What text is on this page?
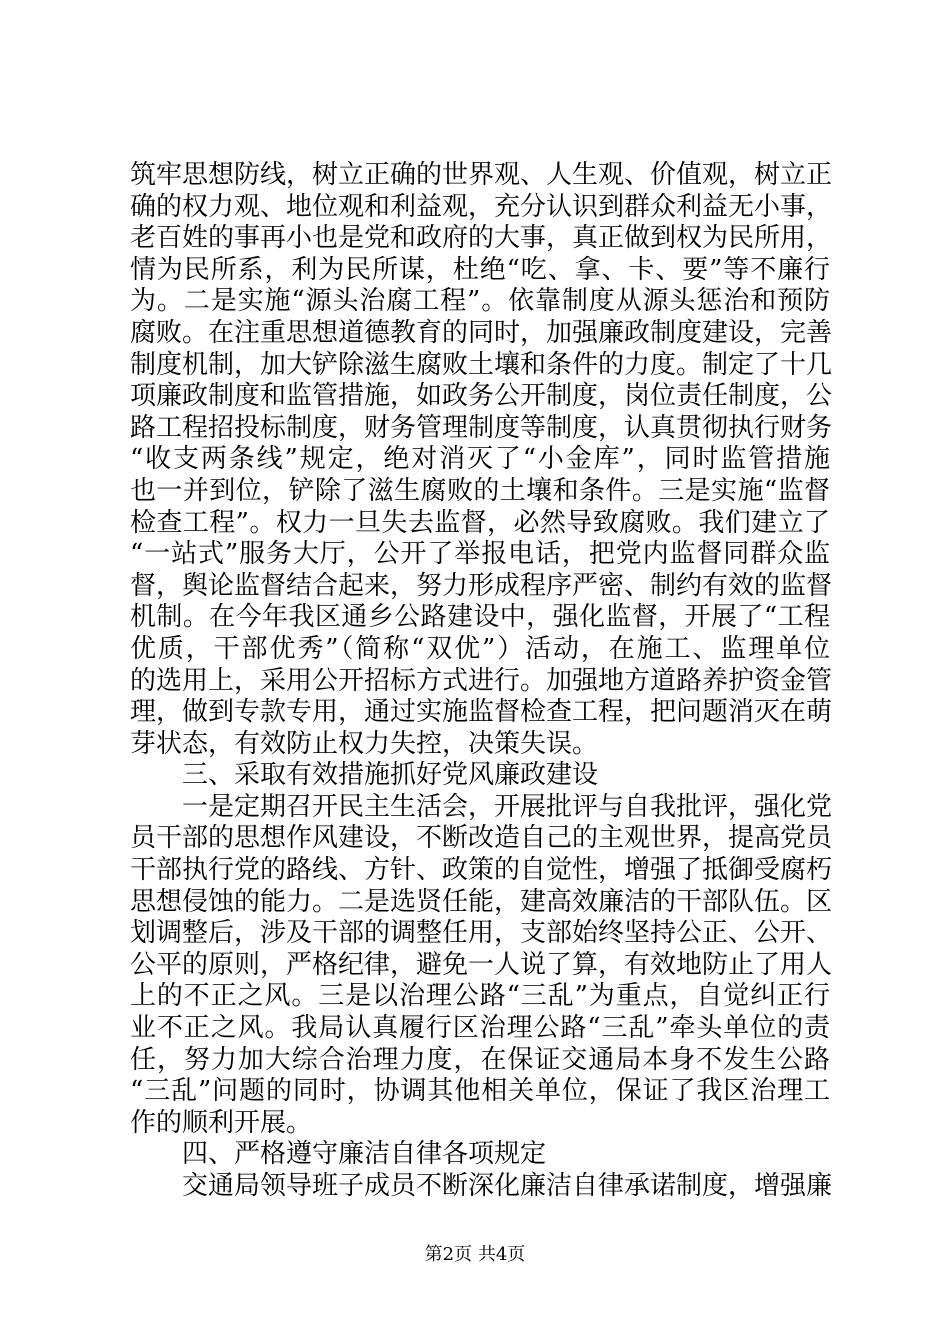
筑牢思想防线，树立正确的世界观、人生观、价值观，树立正
确的权力观、地位观和利益观，充分认识到群众利益无小事，
老百姓的事再小也是党和政府的大事，真正做到权为民所用，
情为民所系，利为民所谋，杜绝“吃、拿、卡、要”等不廉行
为。二是实施“源头治腐工程”。依靠制度从源头惩治和预防
腐败。在注重思想道德教育的同时，加强廉政制度建设，完善
制度机制，加大铲除滋生腐败土壤和条件的力度。制定了十几
项廉政制度和监管措施，如政务公开制度，岗位责任制度，公
路工程招投标制度，财务管理制度等制度，认真贯彻执行财务
“收支两条线”规定，绝对消灭了“小金库”，同时监管措施
也一并到位，铲除了滋生腐败的土壤和条件。三是实施“监督
检查工程”。权力一旦失去监督，必然导致腐败。我们建立了
“一站式”服务大厅，公开了举报电话，把党内监督同群众监
督，舆论监督结合起来，努力形成程序严密、制约有效的监督
机制。在今年我区通乡公路建设中，强化监督，开展了“工程
优质，干部优秀”（简称“双优”）活动，在施工、监理单位
的选用上，采用公开招标方式进行。加强地方道路养护资金管
理，做到专款专用，通过实施监督检查工程，把问题消灭在萌
芽状态，有效防止权力失控，决策失误。
三、采取有效措施抓好党风廉政建设
一是定期召开民主生活会，开展批评与自我批评，强化党
员干部的思想作风建设，不断改造自己的主观世界，提高党员
干部执行党的路线、方针、政策的自觉性，增强了抵御受腐朽
思想侵蚀的能力。二是选贤任能，建高效廉洁的干部队伍。区
划调整后，涉及干部的调整任用，支部始终坚持公正、公开、
公平的原则，严格纪律，避免一人说了算，有效地防止了用人
上的不正之风。三是以治理公路“三乱”为重点，自觉纠正行
业不正之风。我局认真履行区治理公路“三乱”牵头单位的责
任，努力加大综合治理力度，在保证交通局本身不发生公路
“三乱”问题的同时，协调其他相关单位，保证了我区治理工
作的顺利开展。
四、严格遵守廉洁自律各项规定
交通局领导班子成员不断深化廉洁自律承诺制度，增强廉
第2页 共4页
